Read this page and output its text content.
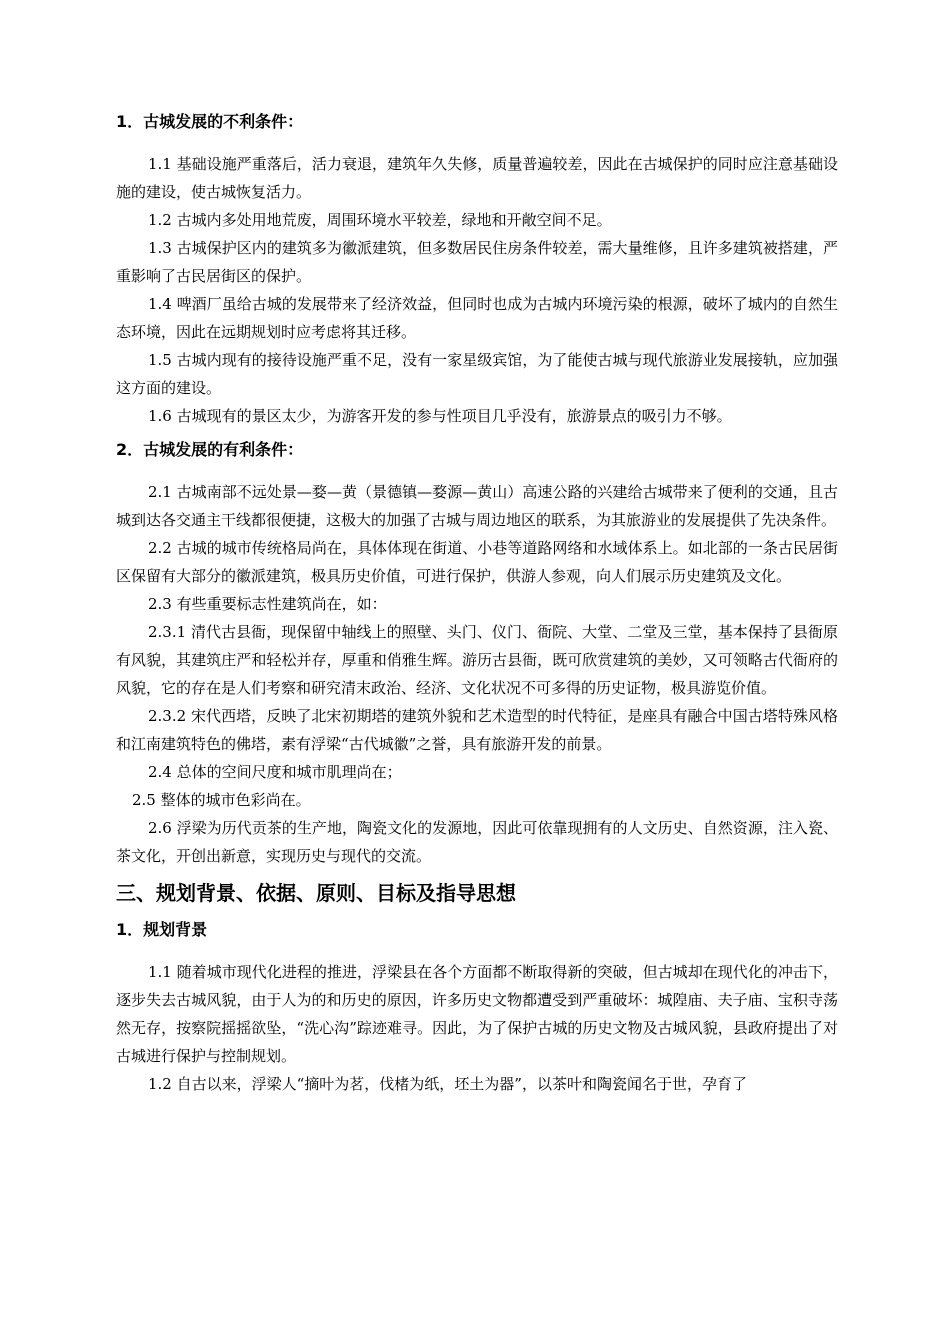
1．古城发展的不利条件：

1.1 基础设施严重落后，活力衰退，建筑年久失修，质量普遍较差，因此在古城保护的同时应注意基础设施的建设，使古城恢复活力。

1.2 古城内多处用地荒废，周围环境水平较差，绿地和开敞空间不足。

1.3 古城保护区内的建筑多为徽派建筑，但多数居民住房条件较差，需大量维修，且许多建筑被搭建，严重影响了古民居街区的保护。

1.4 啤酒厂虽给古城的发展带来了经济效益，但同时也成为古城内环境污染的根源，破坏了城内的自然生态环境，因此在远期规划时应考虑将其迁移。

1.5 古城内现有的接待设施严重不足，没有一家星级宾馆，为了能使古城与现代旅游业发展接轨，应加强这方面的建设。

1.6 古城现有的景区太少，为游客开发的参与性项目几乎没有，旅游景点的吸引力不够。

2．古城发展的有利条件：

2.1 古城南部不远处景—婺—黄（景德镇—婺源—黄山）高速公路的兴建给古城带来了便利的交通，且古城到达各交通主干线都很便捷，这极大的加强了古城与周边地区的联系，为其旅游业的发展提供了先决条件。

2.2 古城的城市传统格局尚在，具体体现在街道、小巷等道路网络和水域体系上。如北部的一条古民居街区保留有大部分的徽派建筑，极具历史价值，可进行保护，供游人参观，向人们展示历史建筑及文化。

2.3 有些重要标志性建筑尚在，如：

2.3.1 清代古县衙，现保留中轴线上的照壁、头门、仪门、衙院、大堂、二堂及三堂，基本保持了县衙原有风貌，其建筑庄严和轻松并存，厚重和俏雅生辉。游历古县衙，既可欣赏建筑的美妙，又可领略古代衙府的风貌，它的存在是人们考察和研究清末政治、经济、文化状况不可多得的历史证物，极具游览价值。

2.3.2 宋代西塔，反映了北宋初期塔的建筑外貌和艺术造型的时代特征，是座具有融合中国古塔特殊风格和江南建筑特色的佛塔，素有浮梁“古代城徽”之誉，具有旅游开发的前景。

2.4 总体的空间尺度和城市肌理尚在；

2.5 整体的城市色彩尚在。

2.6 浮梁为历代贡茶的生产地，陶瓷文化的发源地，因此可依靠现拥有的人文历史、自然资源，注入瓷、茶文化，开创出新意，实现历史与现代的交流。

三、规划背景、依据、原则、目标及指导思想
1．规划背景

1.1 随着城市现代化进程的推进，浮梁县在各个方面都不断取得新的突破，但古城却在现代化的冲击下，逐步失去古城风貌，由于人为的和历史的原因，许多历史文物都遭受到严重破坏：城隍庙、夫子庙、宝积寺荡然无存，按察院摇摇欲坠，“洗心沟”踪迹难寻。因此，为了保护古城的历史文物及古城风貌，县政府提出了对古城进行保护与控制规划。

1.2 自古以来，浮梁人“摘叶为茗，伐楮为纸，坯土为器”，以茶叶和陶瓷闻名于世，孕育了
